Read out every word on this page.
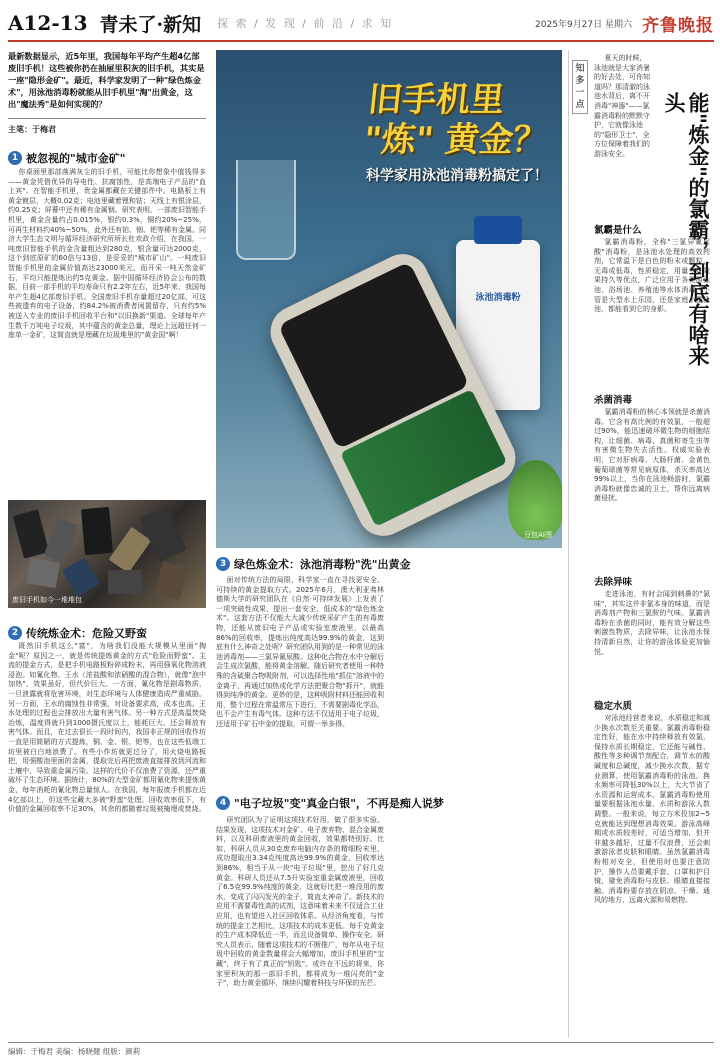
A12-13 青未了·新知 探 索 / 发 现 / 前 沿 / 求 知	2025年9月27日 星期六 齐鲁晚报
最新数据显示，近5年里，我国每年平均产生超4亿部废旧手机！这些被你扔在抽屉里积灰的旧手机，其实是一座"隐形金矿"。最近，科学家发明了一种"绿色炼金术"，用泳池消毒粉就能从旧手机里"淘"出黄金，这出"魔法秀"是如何实现的？
主笔：于梅君
1 被忽视的"城市金矿"
你桌面里那部落满灰尘的旧手机，可能比你想象中值钱得多——黄金凭借优异的导电性、抗腐蚀性，是高端电子产品的"血上宾"。在智能手机里，贵金属都藏在关键部件中。电路板上有黄金镀层，大概0.02克；电池里藏着锂和钴；天线上有银涂层，约0.25克；屏幕中还有稀有金属铟。研究表明，一部废旧智能手机里，黄金含量约占0.015%，银约0.3%，铜约20%~25%，可再生材料约40%~50%，此外还有铂、铟、钯等稀有金属。同济大学生态文明与循环经济研究所所长杜欢政介绍，在我国，一吨废旧智能手机的金含量粗达到280克，银含量可达2000克，这个到底原矿的60倍与13倍，是妥妥的"城市矿山"。一吨废旧智能手机里的金属价值高达23000美元，而开采一吨天然金矿石，平均只能提炼出约5克黄金。据中国循环经济协会公布的数据，目前一部手机的平均寿命只有2.2年左右，近5年来，我国每年产生超4亿部废旧手机。全国废旧手机存量超过20亿部，可这些被遗弃的电子设备，约84.2%被消费者闲置留存，只有约5%被送入专业的废旧手机回收平台和"以旧换新"渠道。全球每年产生数千万吨电子垃圾，其中蕴含的黄金总量，理论上远超任何一座单一金矿，这简直就是埋藏在垃圾堆里的"黄金国"啊！
废旧手机如今一堆堆包
2 传统炼金术：危险又野蛮
既然旧手机这么"富"，为啥我们没能大规模从里面"掏金"呢？原因之一，就是传统提炼黄金的方式"危险而野蛮"。主流的提金方式，是把手机电路板粉碎成粉末，再用强氧化物溶液浸泡。如氰化物、王水（浓盐酸和浓硝酸的混合物），就像"泡中加热"，效果虽好，但代价巨大。一方面，氰化物是剧毒物质，一旦泄露就将危害环境，对生态环境与人体健康造成严重威胁。另一方面，王水的腐蚀性非常强，对设备要求高，成本也高。王水处理的过程也会排放出大量有害气体。另一种方式是高温焚烧冶炼，温度得就升到1000摄氏度以上，能耗巨大，还会释放有害气体。而且，在过去很长一段时间内，我国非正规的回收作坊一直是用简陋的方式提炼，铜、金、银、钯等，也在这些低端工坊里被白白地浪费了。有些小作坊就更过分了，用火烧电路板把，用强酸泡里面的金属，提取完后再把废液直接排放到河流和土壤中，导致重金属污染。这样的代价不仅浪费了资源，还严重破坏了生态环境。据统计，80%的大型金矿都用氰化物来提炼黄金，每年消耗的氰化物总量惊人。在我国，每年报废手机都在近4亿部以上，但这些宝藏大多被"野蛮"处理。回收效率低下，有价值的金属回收率不足30%，其余的都随着垃圾被掩埋或焚烧。
旧手机里
"炼" 黄金？
科学家用泳池消毒粉搞定了！
泳池消毒粉
豆包AI图
3 绿色炼金术：泳池消毒粉"洗"出黄金
面对传统方法的局限，科学家一直在寻找更安全、可持续的黄金提取方式。2025年6月，澳大利亚弗林德斯大学的研究团队在《自然·可持续发展》上发表了一项突破性成果，提出一套安全、低成本的"绿色炼金术"。这套方法不仅能大大减少传统采矿产生的有毒废物，还能从废旧电子产品或实验室废液里，以最高86%的回收率，提炼出纯度高达99.9%的黄金，这到底有什么神奇之处呢？研究团队用到的是一种常见的泳池消毒剂——三氯异氰尿酸。这种化合物在水中分解后会生成次氯酸，能将黄金溶解。随后研究者使用一种特殊的含硫聚合物吸附剂，可以选择性地"抓住"溶液中的金离子，再通过加热或化学方法把聚合物"拆开"，就能得到纯净的黄金。更妙的是，这种吸附材料还能回收利用，整个过程在常温常压下进行，不需要剧毒化学品，也不会产生有毒气体。这种方法不仅适用于电子垃圾，还适用于矿石中金的提取，可谓一举多得。
4 "电子垃圾"变"真金白银"，不再是痴人说梦
研究团队为了证明这项技术好用，做了很多实验。结果发现，这项技术对金矿、电子废弃物、混合金属废料，以及科研废液里的黄金回收，效果都特别好。比如，科研人员从30克废弃电脑内存条的精细粉末里，成功提取出3.34克纯度高达99.9%的黄金，回收率达到86%，相当于从一块"电子垃圾"里，挖出了好几克黄金。科研人员还从7.5升实验室重金属废液里，回收了6.5克99.9%纯度的黄金，这就好比把一堆没用的废水，变成了闪闪发光的金子，简直太神奇了。新技术的应用不需要毒性高的试剂，这意味着未来不仅适合工业应用，也有望进入社区回收体系。从经济角度看，与传统的提金工艺相比，这项技术的成本更低。每千克黄金的生产成本降低近一半，而且设备简单、操作安全。研究人员表示，随着这项技术的不断推广，每年从电子垃圾中回收的黄金数量将会大幅增加，废旧手机里的"宝藏"，终于有了真正的"钥匙"。或许在不远的将来，你家里积灰的那一部旧手机，都将成为一堆闪亮的"金子"，助力黄金循环，继续闪耀着科技与环保的光芒。
知多一点
夏天的时候，泳池就是大家消暑的好去处，可你知道吗？那清澈的泳池水背后，离不开消毒"神器"——氯霸消毒粉的默默守护，它就像泳池的"隐形卫士"，全方位保障着我们的游泳安全。	能"炼金"的氯霸，到底有啥来头
氯霸是什么
氯霸消毒粉，全称"三氯异氰尿酸"消毒粉，是泳池水处理的高效药剂，它常温下是白色的粉末或颗粒，无毒或低毒，性质稳定，用量少且效果持久等优点，广泛应用于各类游泳池、浴场池、养殖池等水体消毒，不管是大型水上乐园，还是家庭小型泳池，都能看到它的身影。
杀菌消毒
氯霸消毒粉的核心本领就是杀菌消毒。它含有高比例的有效氯，一般超过90%，能迅速破坏微生物的细胞结构，让细菌、病毒、真菌和寄生虫等有害微生物失去活性。权威实验表明，它对肝病毒、大肠杆菌、金黄色葡萄球菌等常见病原体，杀灭率高达99%以上，当你在泳池畅游时，氯霸消毒粉就像忠诚的卫士，帮你远离病菌侵扰。
去除异味
走进泳池，有时会闻到刺鼻的"氯味"，其实这并非氯本身的味道，而是消毒剂产物和三氯胺的气味。氯霸消毒粉在杀菌的同时，能有效分解这些刺激性物质，去除异味，让泳池水保持清新自然，让你的游泳体验更加愉悦。
稳定水质
对泳池经营者来说，水质稳定和减少换水次数至关重要。氯霸消毒粉稳定性好，能在水中持续释放有效氯，保持水质长期稳定，它还能与碱性、酸性等多种调节剂配合，调节水的酸碱度和总碱度，减少换水次数，据专业测算，使用氯霸消毒粉的泳池，换水频率可降低30%以上，大大节省了水资源和运营成本。氯霸消毒粉使用量要根据泳池水量、水质和游泳人数调整。一般来说，每立方米投加2~5克就能达到理想消毒效果。游泳高峰期或水质较差时，可适当增加，但并非越多越好，过量不仅浪费，还会刺激游泳者皮肤和眼睛。虽然氯霸消毒粉相对安全，但使用时也要注意防护，操作人员要戴手套、口罩和护目镜，避免消毒粉与皮肤、眼睛直接接触。消毒粉要存放在阴凉、干燥、通风的地方，远离火源和易燃物。
编辑：于梅君 美编：杨晓健 组版：颜莉
